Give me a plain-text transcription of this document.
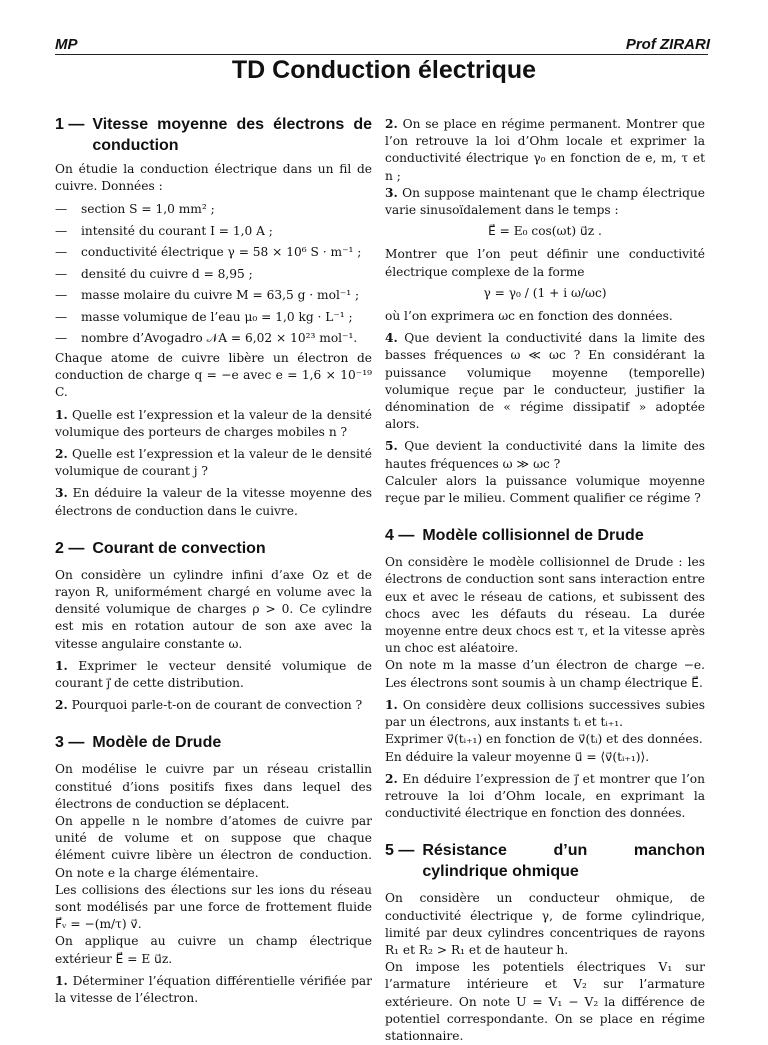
MP	Prof ZIRARI
TD Conduction électrique
1 — Vitesse moyenne des électrons de conduction

On étudie la conduction électrique dans un fil de cuivre. Données :

—	section S = 1,0 mm² ;
—	intensité du courant I = 1,0 A ;
—	conductivité électrique γ = 58 × 10⁶ S · m⁻¹ ;
—	densité du cuivre d = 8,95 ;
—	masse molaire du cuivre M = 63,5 g · mol⁻¹ ;
—	masse volumique de l’eau μ₀ = 1,0 kg · L⁻¹ ;
—	nombre d’Avogadro 𝒩A = 6,02 × 10²³ mol⁻¹.

Chaque atome de cuivre libère un électron de conduction de charge q = −e avec e = 1,6 × 10⁻¹⁹ C.

1. Quelle est l’expression et la valeur de la densité volumique des porteurs de charges mobiles n ?

2. Quelle est l’expression et la valeur de le densité volumique de courant j ?

3. En déduire la valeur de la vitesse moyenne des électrons de conduction dans le cuivre.

2 — Courant de convection

On considère un cylindre infini d’axe Oz et de rayon R, uniformément chargé en volume avec la densité volumique de charges ρ > 0. Ce cylindre est mis en rotation autour de son axe avec la vitesse angulaire constante ω.

1. Exprimer le vecteur densité volumique de courant j⃗ de cette distribution.

2. Pourquoi parle-t-on de courant de convection ?

3 — Modèle de Drude

On modélise le cuivre par un réseau cristallin constitué d’ions positifs fixes dans lequel des électrons de conduction se déplacent.

On appelle n le nombre d’atomes de cuivre par unité de volume et on suppose que chaque élément cuivre libère un électron de conduction. On note e la charge élémentaire.

Les collisions des élections sur les ions du réseau sont modélisés par une force de frottement fluide F⃗ᵥ = −(m/τ) v⃗.

On applique au cuivre un champ électrique extérieur E⃗ = E u⃗z.

1. Déterminer l’équation différentielle vérifiée par la vitesse de l’électron.

2. On se place en régime permanent. Montrer que l’on retrouve la loi d’Ohm locale et exprimer la conductivité électrique γ₀ en fonction de e, m, τ et n ;

3. On suppose maintenant que le champ électrique varie sinusoïdalement dans le temps :

E⃗ = E₀ cos(ωt) u⃗z .

Montrer que l’on peut définir une conductivité électrique complexe de la forme

γ = γ₀ / (1 + i ω/ωc)

où l’on exprimera ωc en fonction des données.

4. Que devient la conductivité dans la limite des basses fréquences ω ≪ ωc ? En considérant la puissance volumique moyenne (temporelle) volumique reçue par le conducteur, justifier la dénomination de « régime dissipatif » adoptée alors.

5. Que devient la conductivité dans la limite des hautes fréquences ω ≫ ωc ?

Calculer alors la puissance volumique moyenne reçue par le milieu. Comment qualifier ce régime ?

4 — Modèle collisionnel de Drude

On considère le modèle collisionnel de Drude : les électrons de conduction sont sans interaction entre eux et avec le réseau de cations, et subissent des chocs avec les défauts du réseau. La durée moyenne entre deux chocs est τ, et la vitesse après un choc est aléatoire.

On note m la masse d’un électron de charge −e. Les électrons sont soumis à un champ électrique E⃗.

1. On considère deux collisions successives subies par un électrons, aux instants tᵢ et tᵢ₊₁.

Exprimer v⃗(tᵢ₊₁) en fonction de v⃗(tᵢ) et des données.

En déduire la valeur moyenne u⃗ = ⟨v⃗(tᵢ₊₁)⟩.

2. En déduire l’expression de j⃗ et montrer que l’on retrouve la loi d’Ohm locale, en exprimant la conductivité électrique en fonction des données.

5 — Résistance d’un manchon cylindrique ohmique

On considère un conducteur ohmique, de conductivité électrique γ, de forme cylindrique, limité par deux cylindres concentriques de rayons R₁ et R₂ > R₁ et de hauteur h.

On impose les potentiels électriques V₁ sur l’armature intérieure et V₂ sur l’armature extérieure. On note U = V₁ − V₂ la différence de potentiel correspondante. On se place en régime stationnaire.
